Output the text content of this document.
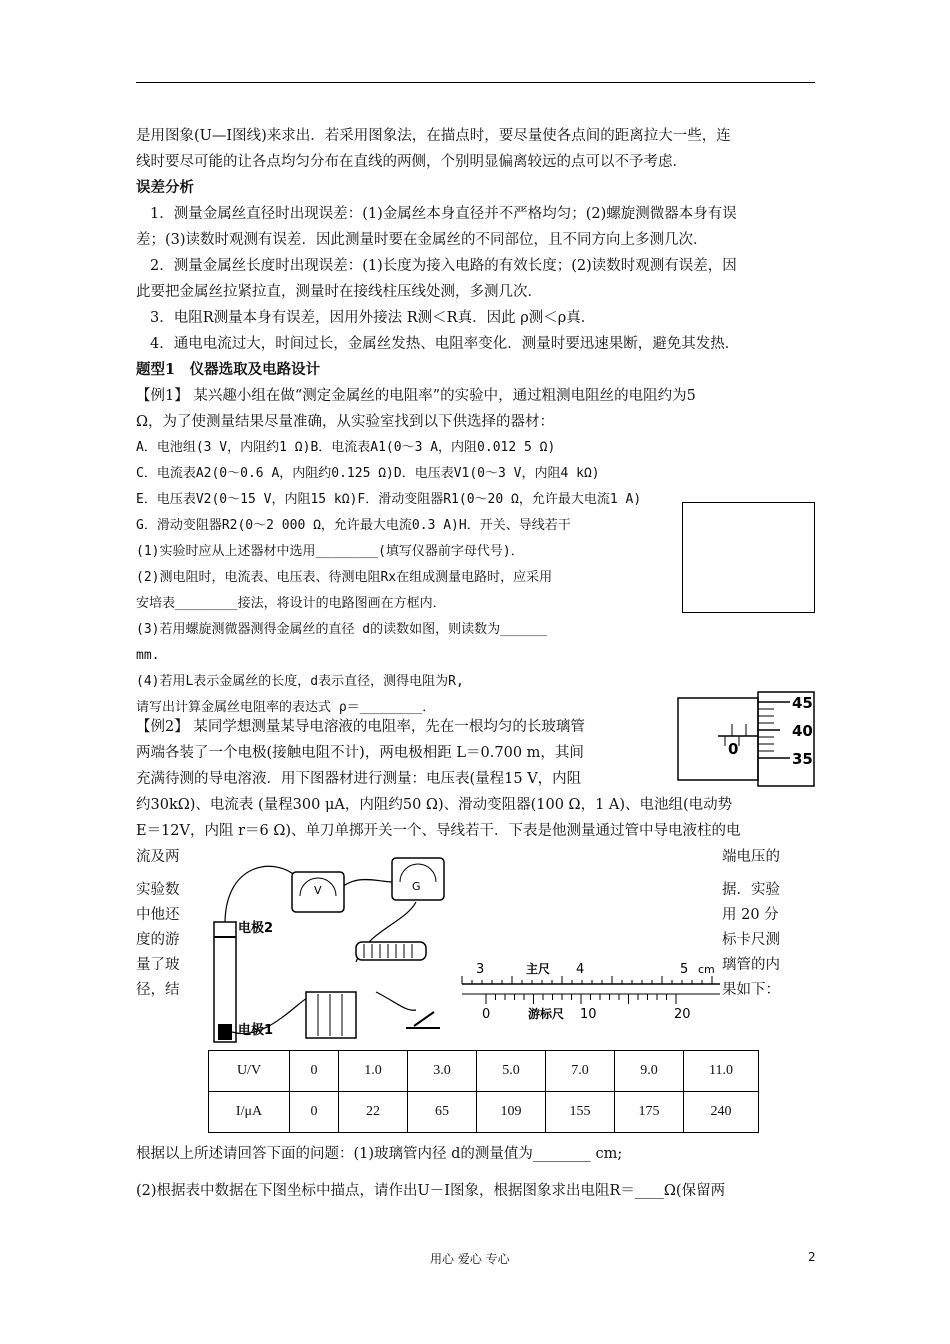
是用图象(U—I图线)来求出．若采用图象法，在描点时，要尽量使各点间的距离拉大一些，连
线时要尽可能的让各点均匀分布在直线的两侧，个别明显偏离较远的点可以不予考虑．
误差分析
1．测量金属丝直径时出现误差：(1)金属丝本身直径并不严格均匀；(2)螺旋测微器本身有误
差；(3)读数时观测有误差．因此测量时要在金属丝的不同部位，且不同方向上多测几次．
2．测量金属丝长度时出现误差：(1)长度为接入电路的有效长度；(2)读数时观测有误差，因
此要把金属丝拉紧拉直，测量时在接线柱压线处测，多测几次．
3．电阻R测量本身有误差，因用外接法 R测＜R真．因此 ρ测＜ρ真．
4．通电电流过大，时间过长，金属丝发热、电阻率变化．测量时要迅速果断，避免其发热．
题型1　仪器选取及电路设计
【例1】 某兴趣小组在做“测定金属丝的电阻率”的实验中，通过粗测电阻丝的电阻约为5
Ω，为了使测量结果尽量准确，从实验室找到以下供选择的器材：
A．电池组(3 V，内阻约1 Ω)B．电流表A1(0～3 A，内阻0.012 5 Ω)
C．电流表A2(0～0.6 A，内阻约0.125 Ω)D．电压表V1(0～3 V，内阻4 kΩ)
E．电压表V2(0～15 V，内阻15 kΩ)F．滑动变阻器R1(0～20 Ω，允许最大电流1 A)
G．滑动变阻器R2(0～2 000 Ω，允许最大电流0.3 A)H．开关、导线若干
(1)实验时应从上述器材中选用________(填写仪器前字母代号)．
(2)测电阻时，电流表、电压表、待测电阻Rx在组成测量电路时，应采用
安培表________接法，将设计的电路图画在方框内．
(3)若用螺旋测微器测得金属丝的直径 d的读数如图，则读数为______
mm.
(4)若用L表示金属丝的长度，d表示直径，测得电阻为R,
请写出计算金属丝电阻率的表达式 ρ＝________．	45
40
35
0
【例2】 某同学想测量某导电溶液的电阻率，先在一根均匀的长玻璃管
两端各装了一个电极(接触电阻不计)，两电极相距 L＝0.700 m，其间
充满待测的导电溶液．用下图器材进行测量：电压表(量程15 V，内阻
约30kΩ)、电流表 (量程300 μA，内阻约50 Ω)、滑动变阻器(100 Ω，1 A)、电池组(电动势
E＝12V，内阻 r＝6 Ω)、单刀单掷开关一个、导线若干．下表是他测量通过管中导电液柱的电
流及两
实验数
中他还
度的游
量了玻
径，结
端电压的
据．实验
用 20 分
标卡尺测
璃管的内
果如下：
电极2
电极1
V	G
3	主尺 4	5 cm
0	游标尺 10	20
U/V	0	1.0	3.0	5.0	7.0	9.0	11.0
I/μA	0	22	65	109	155	175	240
根据以上所述请回答下面的问题：(1)玻璃管内径 d的测量值为________ cm;
(2)根据表中数据在下图坐标中描点，请作出U－I图象，根据图象求出电阻R＝____Ω(保留两
用心 爱心 专心	2
